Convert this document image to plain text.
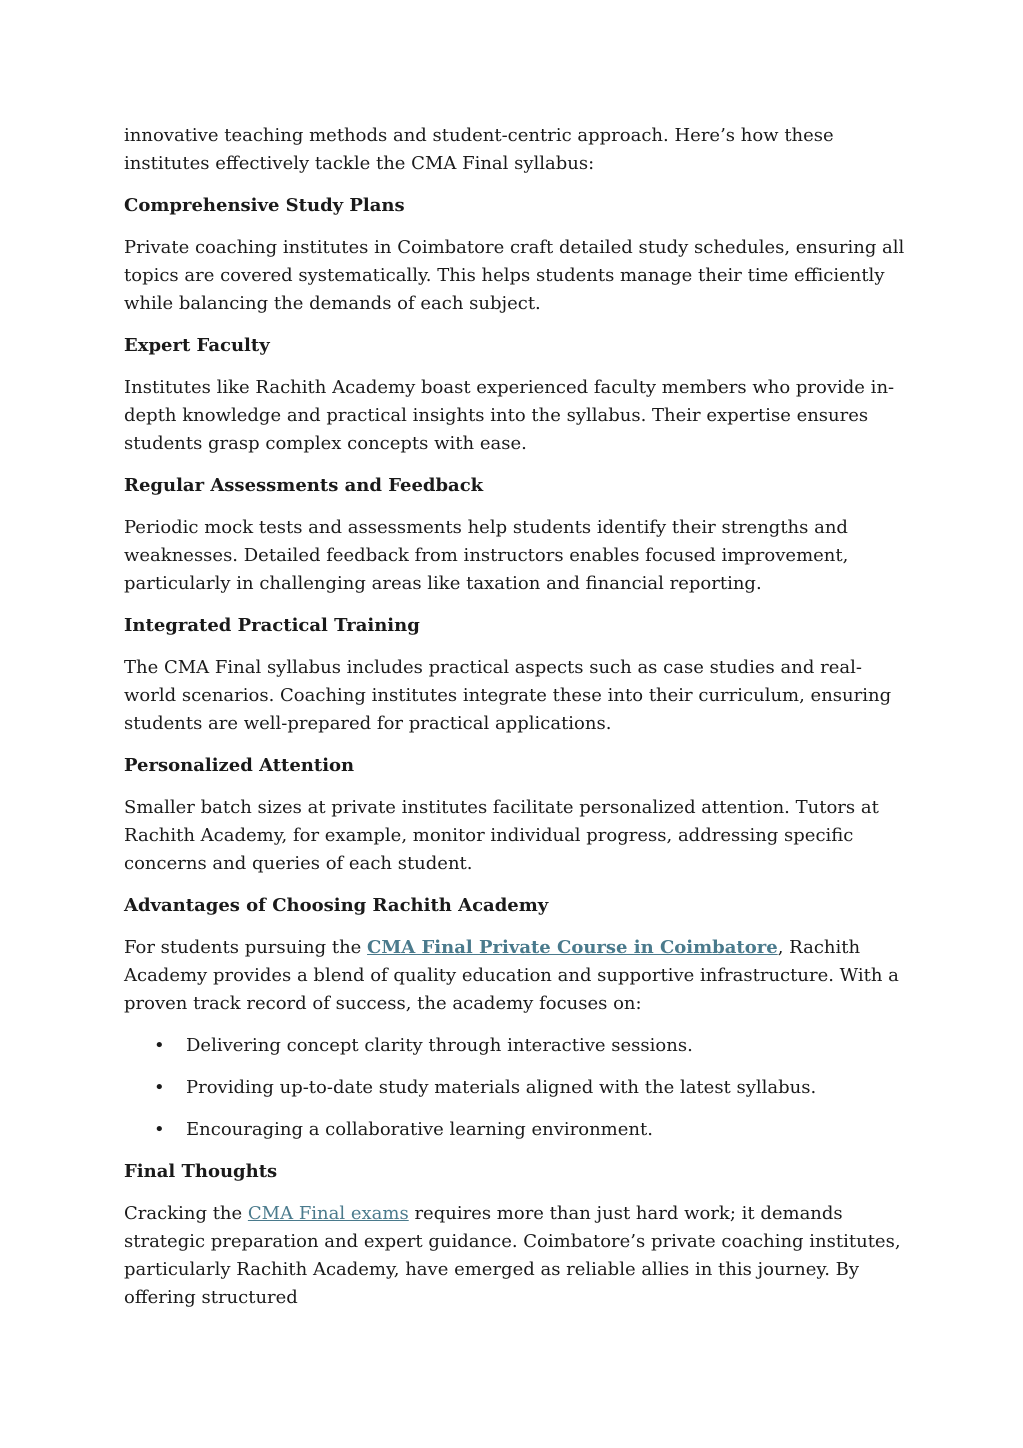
innovative teaching methods and student-centric approach. Here’s how these institutes effectively tackle the CMA Final syllabus:

Comprehensive Study Plans

Private coaching institutes in Coimbatore craft detailed study schedules, ensuring all topics are covered systematically. This helps students manage their time efficiently while balancing the demands of each subject.

Expert Faculty

Institutes like Rachith Academy boast experienced faculty members who provide in-depth knowledge and practical insights into the syllabus. Their expertise ensures students grasp complex concepts with ease.

Regular Assessments and Feedback

Periodic mock tests and assessments help students identify their strengths and weaknesses. Detailed feedback from instructors enables focused improvement, particularly in challenging areas like taxation and financial reporting.

Integrated Practical Training

The CMA Final syllabus includes practical aspects such as case studies and real-world scenarios. Coaching institutes integrate these into their curriculum, ensuring students are well-prepared for practical applications.

Personalized Attention

Smaller batch sizes at private institutes facilitate personalized attention. Tutors at Rachith Academy, for example, monitor individual progress, addressing specific concerns and queries of each student.

Advantages of Choosing Rachith Academy

For students pursuing the CMA Final Private Course in Coimbatore, Rachith Academy provides a blend of quality education and supportive infrastructure. With a proven track record of success, the academy focuses on:

• Delivering concept clarity through interactive sessions.
• Providing up-to-date study materials aligned with the latest syllabus.
• Encouraging a collaborative learning environment.

Final Thoughts

Cracking the CMA Final exams requires more than just hard work; it demands strategic preparation and expert guidance. Coimbatore’s private coaching institutes, particularly Rachith Academy, have emerged as reliable allies in this journey. By offering structured
